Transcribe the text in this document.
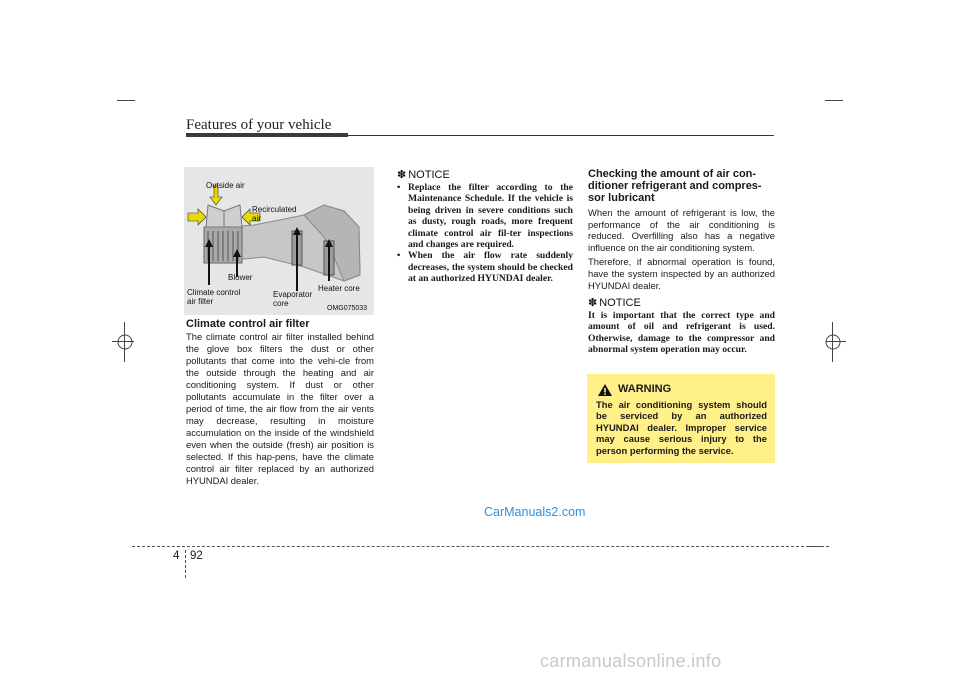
Features of your vehicle
Outside air
Recirculated
air
Blower
Climate control
air filter
Evaporator
core
Heater core
OMG075033
Climate control air filter
The climate control air filter installed behind the glove box filters the dust or other pollutants that come into the vehi-cle from the outside through the heating and air conditioning system. If dust or other pollutants accumulate in the filter over a period of time, the air flow from the air vents may decrease, resulting in moisture accumulation on the inside of the windshield even when the outside (fresh) air position is selected. If this hap-pens, have the climate control air filter replaced by an authorized HYUNDAI dealer.
✽ NOTICE
• Replace the filter according to the Maintenance Schedule. If the vehicle is being driven in severe conditions such as dusty, rough roads, more frequent climate control air fil-ter inspections and changes are required.
• When the air flow rate suddenly decreases, the system should be checked at an authorized HYUNDAI dealer.
Checking the amount of air con-ditioner refrigerant and compres-sor lubricant
When the amount of refrigerant is low, the performance of the air conditioning is reduced. Overfilling also has a negative influence on the air conditioning system.
Therefore, if abnormal operation is found, have the system inspected by an authorized HYUNDAI dealer.
✽ NOTICE
It is important that the correct type and amount of oil and refrigerant is used. Otherwise, damage to the compressor and abnormal system operation may occur.
WARNING
The air conditioning system should be serviced by an authorized HYUNDAI dealer. Improper service may cause serious injury to the person performing the service.
CarManuals2.com
4 92
carmanualsonline.info
